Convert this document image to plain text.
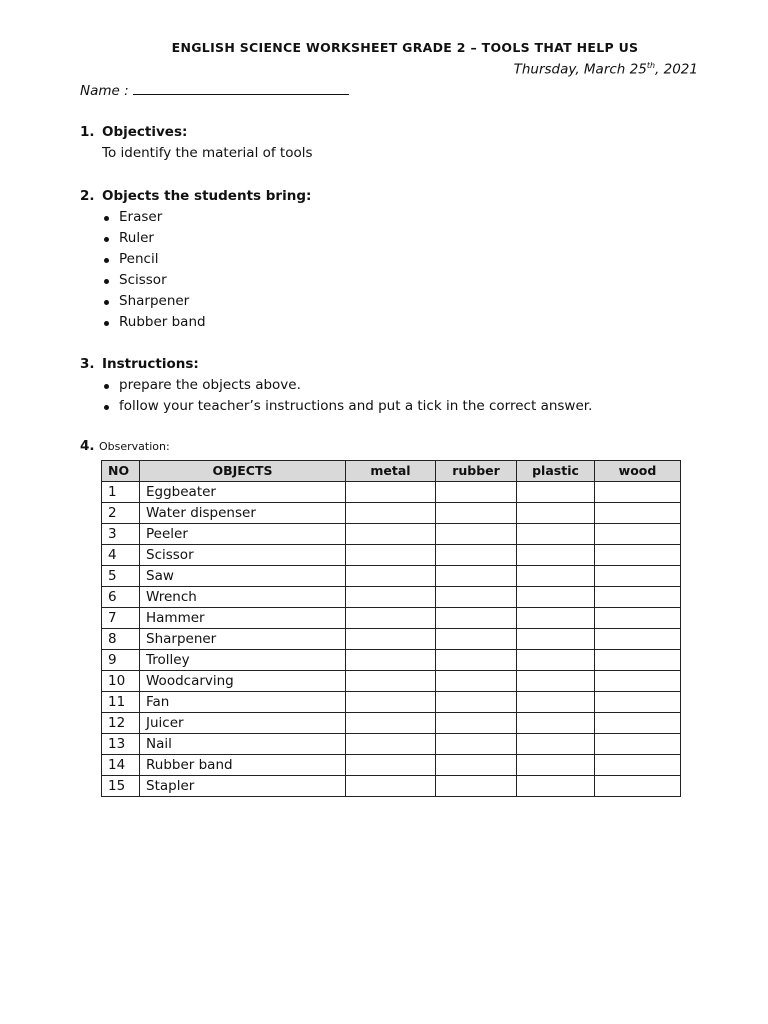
ENGLISH SCIENCE WORKSHEET GRADE 2 – TOOLS THAT HELP US
Thursday, March 25th, 2021
Name :
1. Objectives:
To identify the material of tools
2. Objects the students bring:
Eraser
Ruler
Pencil
Scissor
Sharpener
Rubber band
3. Instructions:
prepare the objects above.
follow your teacher’s instructions and put a tick in the correct answer.
4. Observation:
NO	OBJECTS	metal	rubber	plastic	wood
1	Eggbeater				
2	Water dispenser				
3	Peeler				
4	Scissor				
5	Saw				
6	Wrench				
7	Hammer				
8	Sharpener				
9	Trolley				
10	Woodcarving				
11	Fan				
12	Juicer				
13	Nail				
14	Rubber band				
15	Stapler				
